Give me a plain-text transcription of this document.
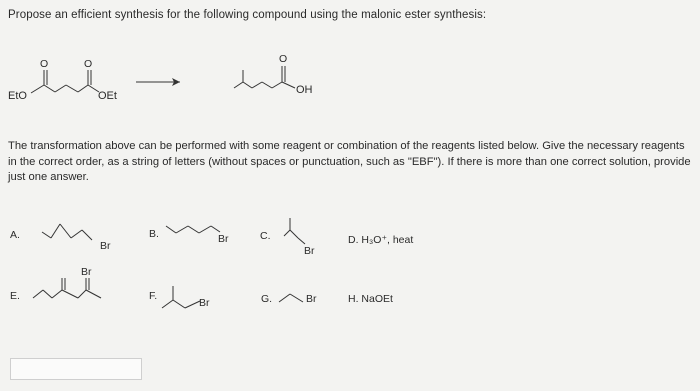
Propose an efficient synthesis for the following compound using the malonic ester synthesis:
EtO	OEt
O	O	O
OH
The transformation above can be performed with some reagent or combination of the reagents listed below. Give the necessary reagents in the correct order, as a string of letters (without spaces or punctuation, such as "EBF"). If there is more than one correct solution, provide just one answer.
A.
Br
B.	Br	C.
Br
D. H₃O⁺, heat
E.
Br
F.
Br	G.	Br	H. NaOEt
